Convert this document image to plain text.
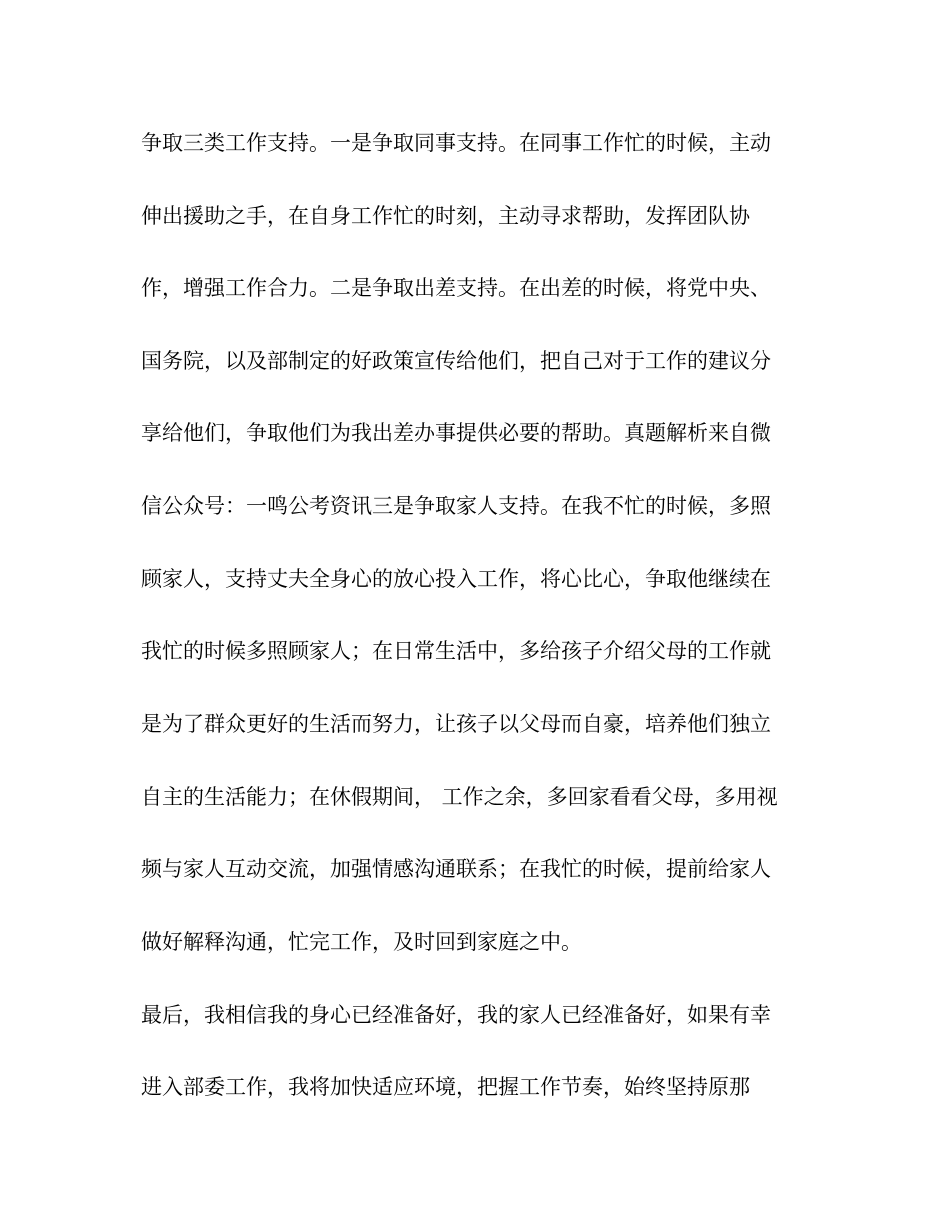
争取三类工作支持。一是争取同事支持。在同事工作忙的时候，主动
伸出援助之手，在自身工作忙的时刻，主动寻求帮助，发挥团队协
作，增强工作合力。二是争取出差支持。在出差的时候，将党中央、
国务院，以及部制定的好政策宣传给他们，把自己对于工作的建议分
享给他们，争取他们为我出差办事提供必要的帮助。真题解析来自微
信公众号：一鸣公考资讯三是争取家人支持。在我不忙的时候，多照
顾家人，支持丈夫全身心的放心投入工作，将心比心，争取他继续在
我忙的时候多照顾家人；在日常生活中，多给孩子介绍父母的工作就
是为了群众更好的生活而努力，让孩子以父母而自豪，培养他们独立
自主的生活能力；在休假期间， 工作之余，多回家看看父母，多用视
频与家人互动交流，加强情感沟通联系；在我忙的时候，提前给家人
做好解释沟通，忙完工作，及时回到家庭之中。
最后，我相信我的身心已经准备好，我的家人已经准备好，如果有幸
进入部委工作，我将加快适应环境，把握工作节奏，始终坚持原那
